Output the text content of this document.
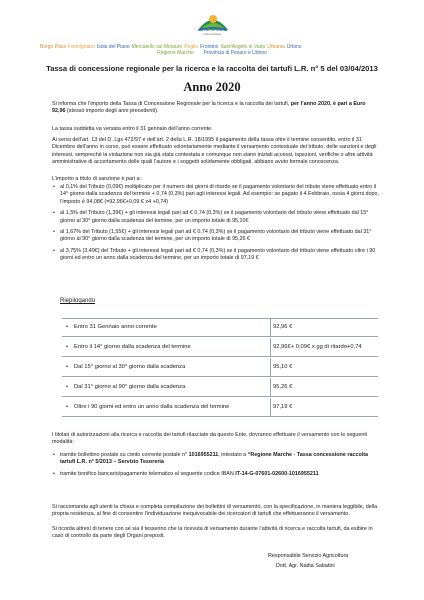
Alta Valle del Metauro
Unione Montana
Borgo Pace Fermignano Isola del Piano Mercatello sul Metauro Peglio Frontino Sant'Angelo in Vado Urbania Urbino
Regione Marche Provincia di Pesaro e Urbino
Tassa di concessione regionale per la ricerca e la raccolta dei tartufi L.R. n° 5 del 03/04/2013
Anno 2020
Si informa che l’importo della Tassa di Concessione Regionale per la ricerca e la raccolta dei tartufi, per l’anno 2020, è pari a Euro 92,96 (stesso importo degli anni precedenti).
La tassa suddetta va versata entro il 31 gennaio dell’anno corrente.
Ai sensi dell’art. 13 del D. Lgs 472/97 e dell’art. 2 della L.R. 18/1995 il pagamento della tassa oltre il termine consentito, entro il 31 Dicembre dell’anno in corso, può essere effettuato volontariamente mediante il versamento contestuale del tributo, delle sanzioni e degli interessi, sempreché la violazione non sia già stata contestata e comunque non siano iniziati accessi, ispezioni, verifiche o altre attività amministrative di accertamento delle quali l’autore e i soggetti solidamente obbligati, abbiano avuto formale conoscenza.
L’importo a titolo di sanzione è pari a:
• al 0,1% del Tributo (0,09€) moltiplicato per il numero dei giorni di ritardo se il pagamento volontario del tributo viene effettuato entro il 14° giorno dalla scadenza del termine + 0,74 (0,3%) pari agli interessi legali. Ad esempio: se pagato il 4 Febbraio, ossia 4 giorni dopo, l’importo è 94,08€ (=92,96€+0,09 € x4 +0,74)
• al 1,5% del Tributo (1,39€) + gli interessi legali pari ad € 0,74 (0,3%) se il pagamento volontario del tributo viene effettuato dal 15° giorno al 30° giorno dalla scadenza del termine, per un importo totale di 95,10€
• al 1,67% del Tributo (1,55€) + gli interessi legali pari ad € 0,74 (0,3%) se il pagamento volontario del tributo viene effettuato dal 31° giorno al 90° giorno dalla scadenza del termine, per un importo totale di 95,26 €
• al 3,75% (3,49€) del Tributo + gli interessi legali pari ad € 0,74 (0,3%) se il pagamento volontario del tributo viene effettuato oltre i 90 giorni ed entro un anno dalla scadenza del termine, per un importo totale di 97,19 €
Riepilogando
•	Entro 31 Gennaio anno corrente	92,96 €
•	Entro il 14° giorno dalla scadenza del termine	92,96€+ 0,09€ x gg di ritardo+0,74
•	Dal 15° giorno al 30° giorno dalla scadenza	95,10 €
•	Dal 31° giorno al 90° giorno dalla scadenza	95,26 €
•	Oltre i 90 giorni ed entro un anno dalla scadenza del termine	97,19 €
I titolari di autorizzazioni alla ricerca e raccolta dei tartufi rilasciate da questo Ente, dovranno effettuare il versamento con le seguenti modalità:
• tramite bollettino postale su conto corrente postale n° 1016955211, intestato a “Regione Marche - Tassa concessione raccolta tartufi L.R. n° 5/2013 – Servizio Tesoreria
• tramite bonifico bancario/pagamento telematico al seguente codice IBAN IT-14-G-07601-02600-1016955211
Si raccomanda agli utenti la chiara e completa compilazione dei bollettini di versamento, con la specificazione, in maniera leggibile, della propria residenza, al fine di consentire l’individuazione inequivocabile dei ricercatori di tartufi che effettueranno il versamento.
Si ricorda altresì di tenere con sé sia il tesserino che la ricevuta di versamento durante l’attività di ricerca e raccolta tartufi, da esibire in caso di controllo da parte degli Organi preposti.
Responsabile Servizio Agricoltura
Dott. Agr. Nadia Sabatini
